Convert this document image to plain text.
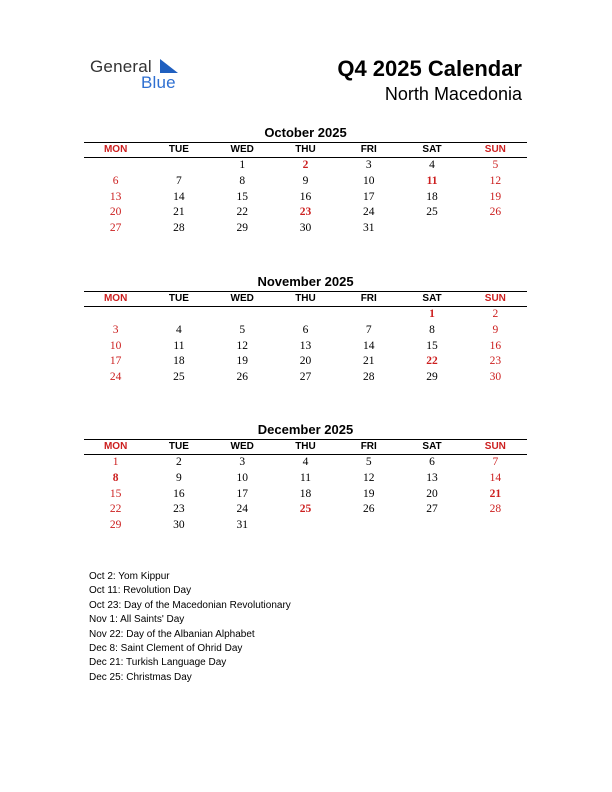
General
Blue
Q4 2025 Calendar
North Macedonia
October 2025
MON	TUE	WED	THU	FRI	SAT	SUN
		1	2	3	4	5
6	7	8	9	10	11	12
13	14	15	16	17	18	19
20	21	22	23	24	25	26
27	28	29	30	31		
November 2025
MON	TUE	WED	THU	FRI	SAT	SUN
					1	2
3	4	5	6	7	8	9
10	11	12	13	14	15	16
17	18	19	20	21	22	23
24	25	26	27	28	29	30
December 2025
MON	TUE	WED	THU	FRI	SAT	SUN
1	2	3	4	5	6	7
8	9	10	11	12	13	14
15	16	17	18	19	20	21
22	23	24	25	26	27	28
29	30	31				
Oct 2: Yom Kippur
Oct 11: Revolution Day
Oct 23: Day of the Macedonian Revolutionary
Nov 1: All Saints' Day
Nov 22: Day of the Albanian Alphabet
Dec 8: Saint Clement of Ohrid Day
Dec 21: Turkish Language Day
Dec 25: Christmas Day
